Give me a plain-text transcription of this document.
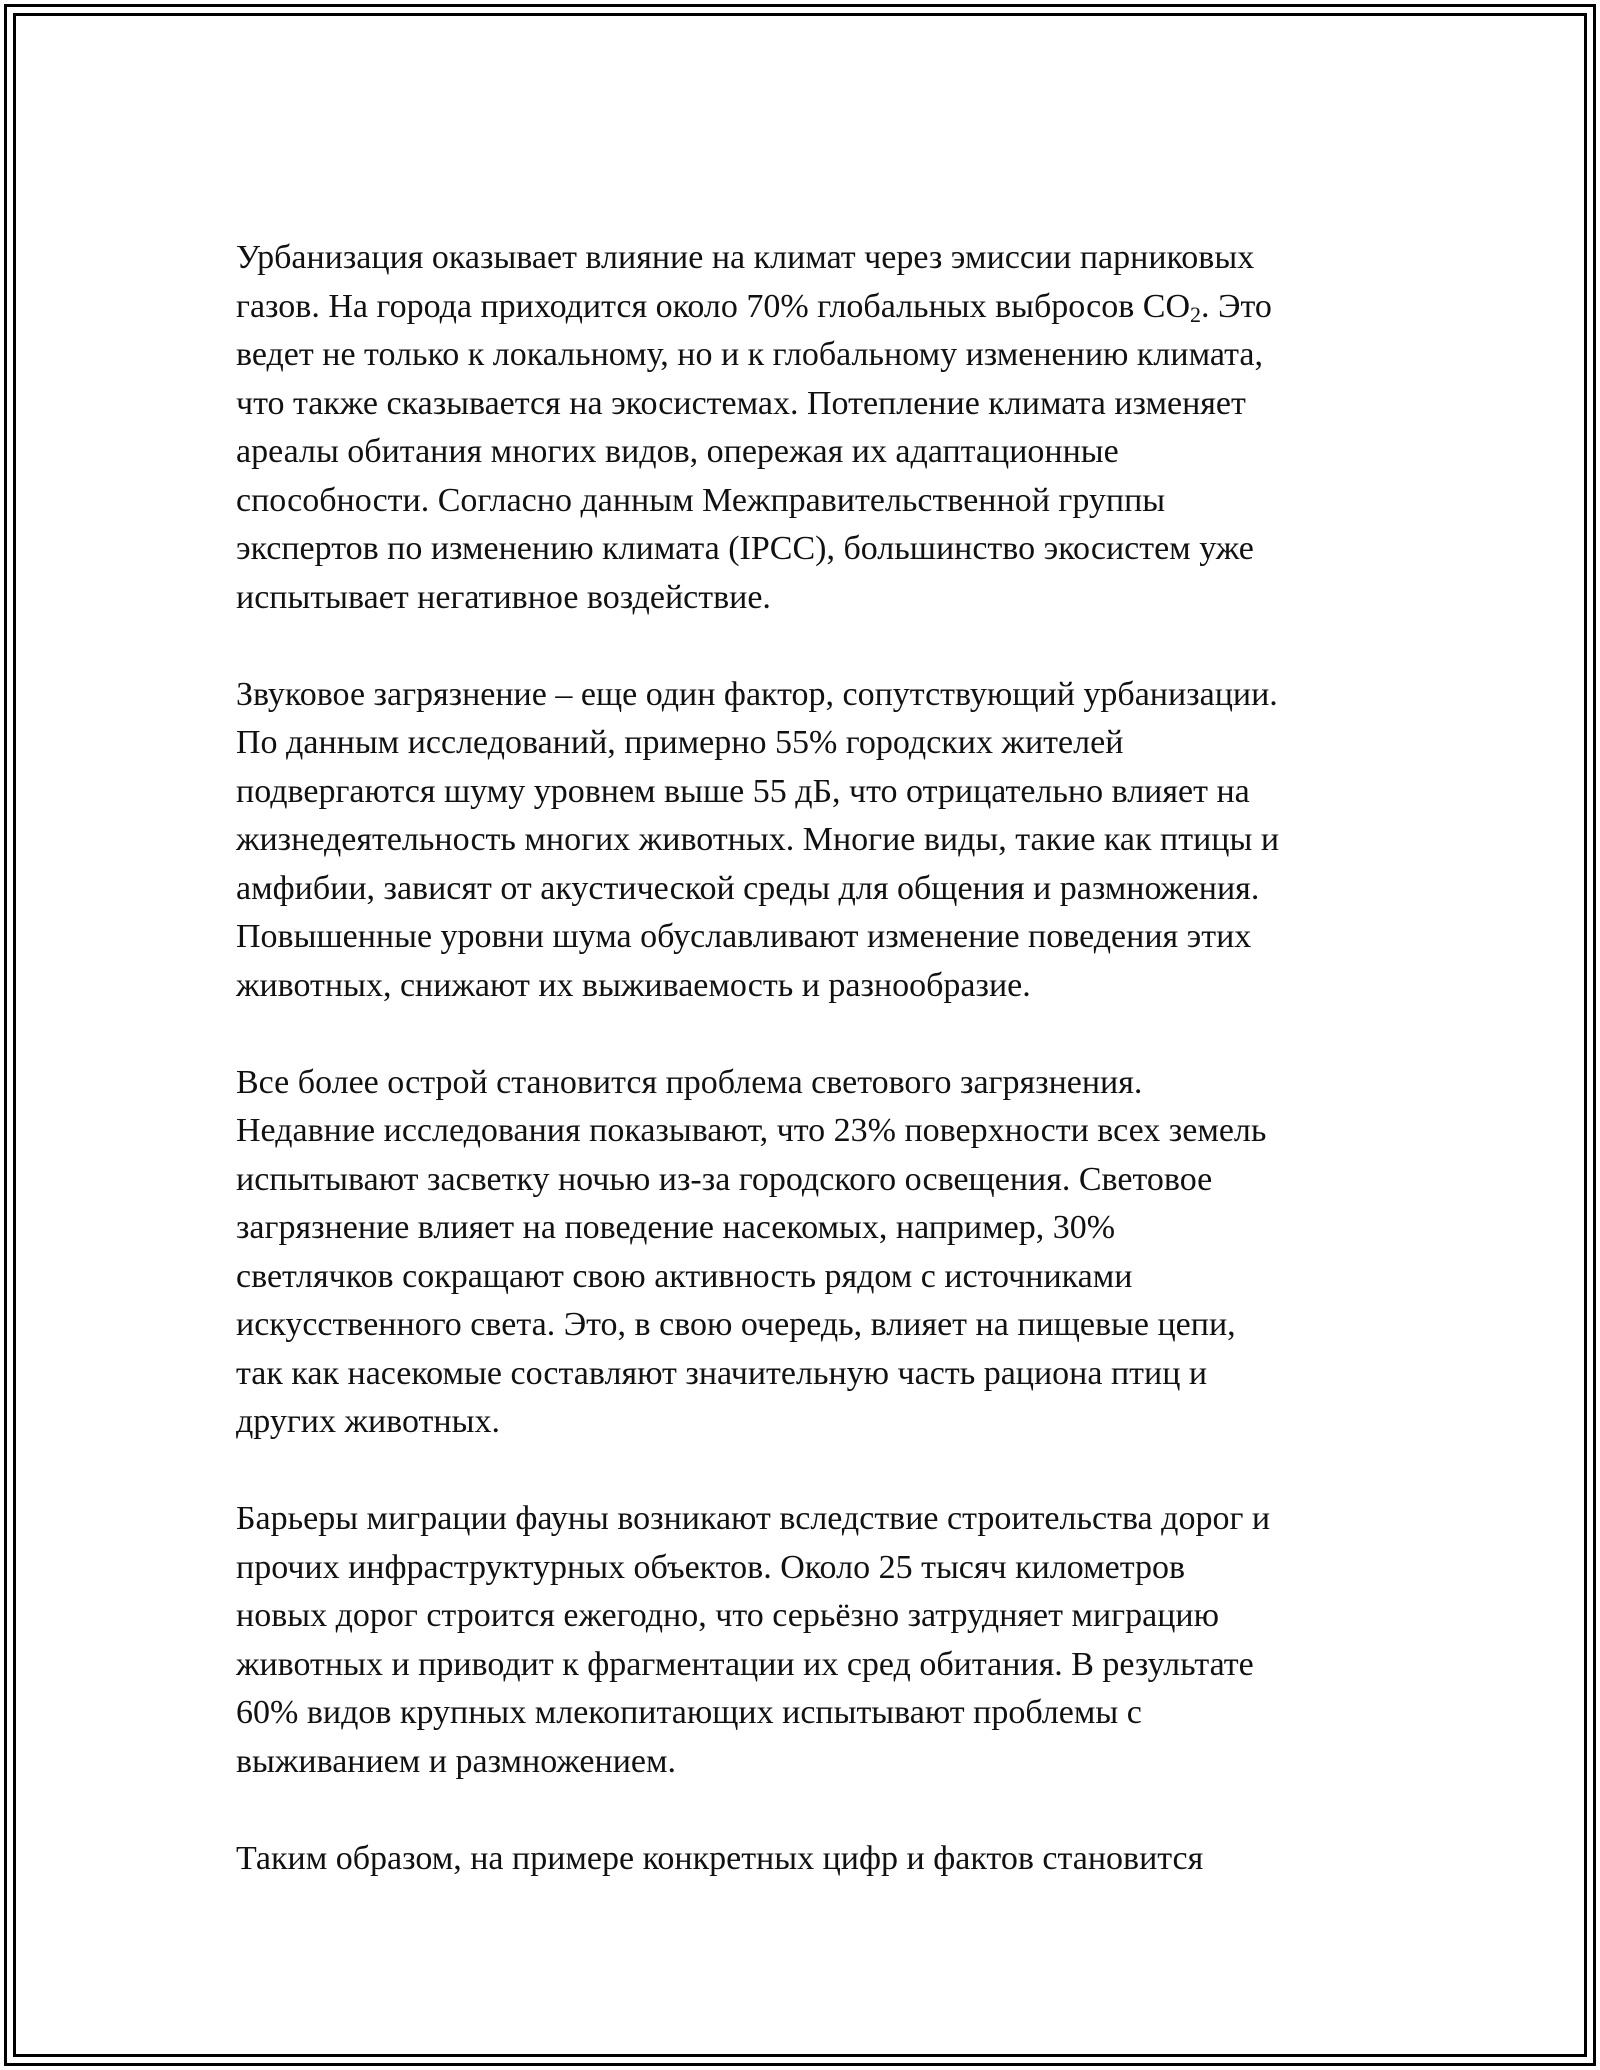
Урбанизация оказывает влияние на климат через эмиссии парниковых
газов. На города приходится около 70% глобальных выбросов $CO_2$. Это
ведет не только к локальному, но и к глобальному изменению климата,
что также сказывается на экосистемах. Потепление климата изменяет
ареалы обитания многих видов, опережая их адаптационные
способности. Согласно данным Межправительственной группы
экспертов по изменению климата (IPCC), большинство экосистем уже
испытывает негативное воздействие.
Звуковое загрязнение – еще один фактор, сопутствующий урбанизации.
По данным исследований, примерно 55% городских жителей
подвергаются шуму уровнем выше 55 дБ, что отрицательно влияет на
жизнедеятельность многих животных. Многие виды, такие как птицы и
амфибии, зависят от акустической среды для общения и размножения.
Повышенные уровни шума обуславливают изменение поведения этих
животных, снижают их выживаемость и разнообразие.
Все более острой становится проблема светового загрязнения.
Недавние исследования показывают, что 23% поверхности всех земель
испытывают засветку ночью из-за городского освещения. Световое
загрязнение влияет на поведение насекомых, например, 30%
светлячков сокращают свою активность рядом с источниками
искусственного света. Это, в свою очередь, влияет на пищевые цепи,
так как насекомые составляют значительную часть рациона птиц и
других животных.
Барьеры миграции фауны возникают вследствие строительства дорог и
прочих инфраструктурных объектов. Около 25 тысяч километров
новых дорог строится ежегодно, что серьёзно затрудняет миграцию
животных и приводит к фрагментации их сред обитания. В результате
60% видов крупных млекопитающих испытывают проблемы с
выживанием и размножением.
Таким образом, на примере конкретных цифр и фактов становится
